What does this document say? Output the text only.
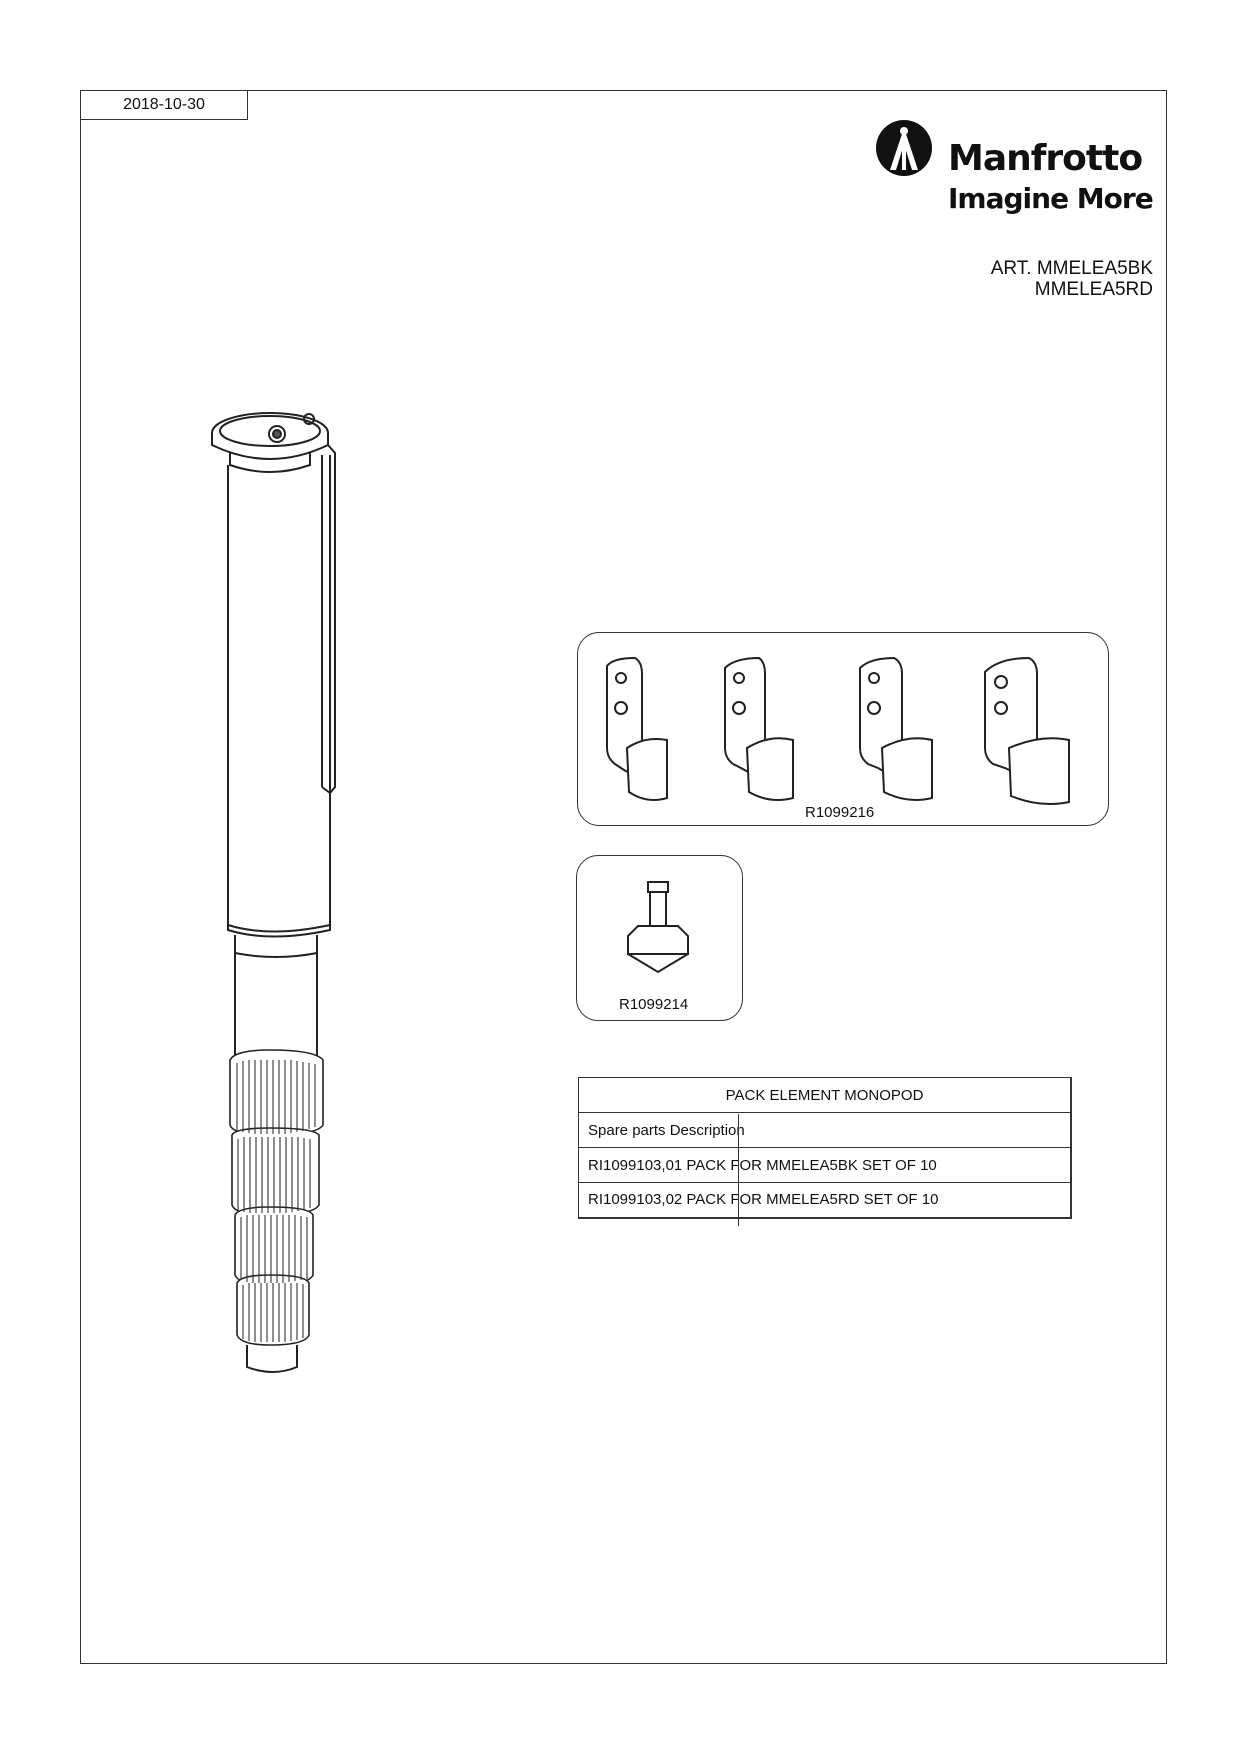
2018-10-30
Manfrotto
Imagine More
ART. MMELEA5BK
MMELEA5RD
R1099216
R1099214
PACK ELEMENT MONOPOD
Spare parts Description
RI1099103,01 PACK FOR MMELEA5BK SET OF 10
RI1099103,02 PACK FOR MMELEA5RD SET OF 10
